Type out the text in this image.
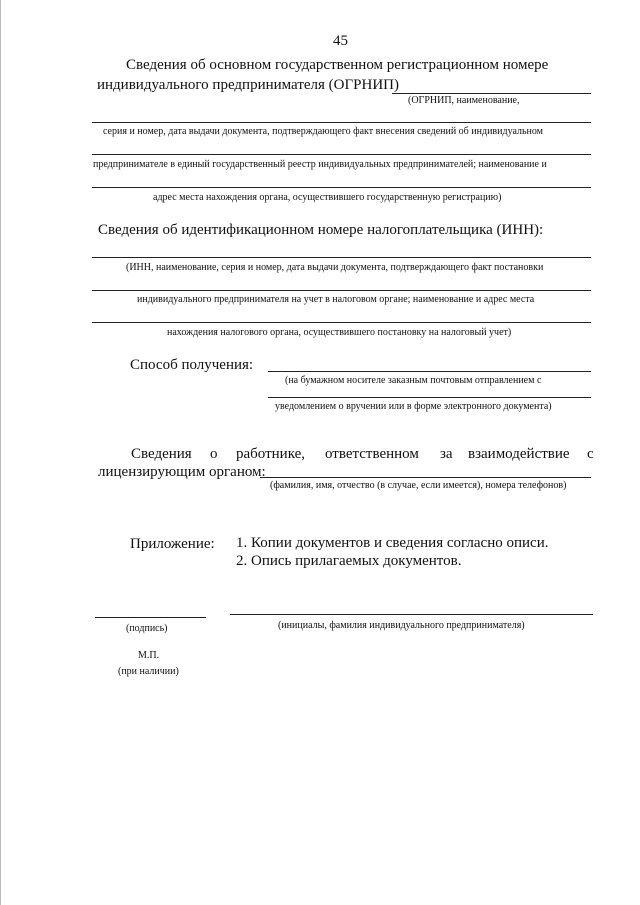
45
Сведения об основном государственном регистрационном номере
индивидуального предпринимателя (ОГРНИП)
(ОГРНИП, наименование,
серия и номер, дата выдачи документа, подтверждающего факт внесения сведений об индивидуальном
предпринимателе в единый государственный реестр индивидуальных предпринимателей; наименование и
адрес места нахождения органа, осуществившего государственную регистрацию)
Сведения об идентификационном номере налогоплательщика (ИНН):
(ИНН, наименование, серия и номер, дата выдачи документа, подтверждающего факт постановки
индивидуального предпринимателя на учет в налоговом органе; наименование и адрес места
нахождения налогового органа, осуществившего постановку на налоговый учет)
Способ получения:
(на бумажном носителе заказным почтовым отправлением с
уведомлением о вручении или в форме электронного документа)
Сведения о работнике, ответственном за взаимодействие с
лицензирующим органом:
(фамилия, имя, отчество (в случае, если имеется), номера телефонов)
Приложение: 1. Копии документов и сведения согласно описи.
2. Опись прилагаемых документов.
(подпись)	(инициалы, фамилия индивидуального предпринимателя)
М.П.
(при наличии)
